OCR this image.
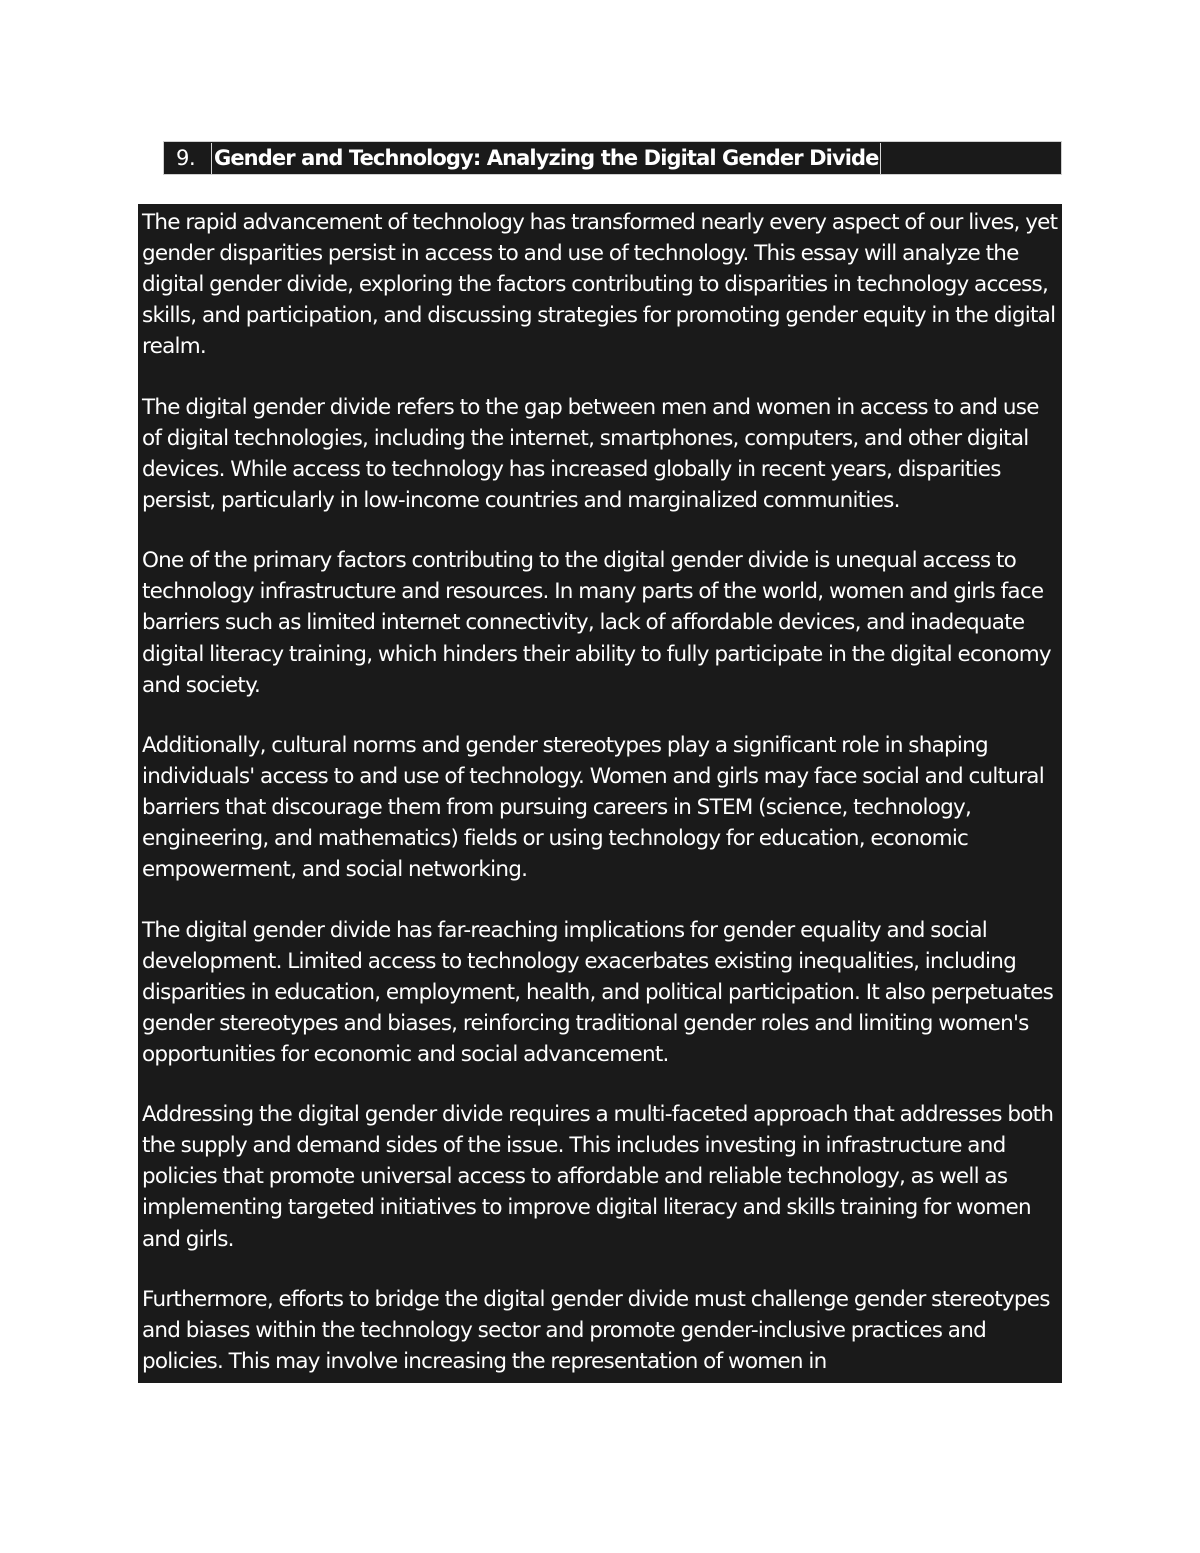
9. Gender and Technology: Analyzing the Digital Gender Divide

The rapid advancement of technology has transformed nearly every aspect of our lives, yet gender disparities persist in access to and use of technology. This essay will analyze the digital gender divide, exploring the factors contributing to disparities in technology access, skills, and participation, and discussing strategies for promoting gender equity in the digital realm.

The digital gender divide refers to the gap between men and women in access to and use of digital technologies, including the internet, smartphones, computers, and other digital devices. While access to technology has increased globally in recent years, disparities persist, particularly in low-income countries and marginalized communities.

One of the primary factors contributing to the digital gender divide is unequal access to technology infrastructure and resources. In many parts of the world, women and girls face barriers such as limited internet connectivity, lack of affordable devices, and inadequate digital literacy training, which hinders their ability to fully participate in the digital economy and society.

Additionally, cultural norms and gender stereotypes play a significant role in shaping individuals' access to and use of technology. Women and girls may face social and cultural barriers that discourage them from pursuing careers in STEM (science, technology, engineering, and mathematics) fields or using technology for education, economic empowerment, and social networking.

The digital gender divide has far-reaching implications for gender equality and social development. Limited access to technology exacerbates existing inequalities, including disparities in education, employment, health, and political participation. It also perpetuates gender stereotypes and biases, reinforcing traditional gender roles and limiting women's opportunities for economic and social advancement.

Addressing the digital gender divide requires a multi-faceted approach that addresses both the supply and demand sides of the issue. This includes investing in infrastructure and policies that promote universal access to affordable and reliable technology, as well as implementing targeted initiatives to improve digital literacy and skills training for women and girls.

Furthermore, efforts to bridge the digital gender divide must challenge gender stereotypes and biases within the technology sector and promote gender-inclusive practices and policies. This may involve increasing the representation of women in
